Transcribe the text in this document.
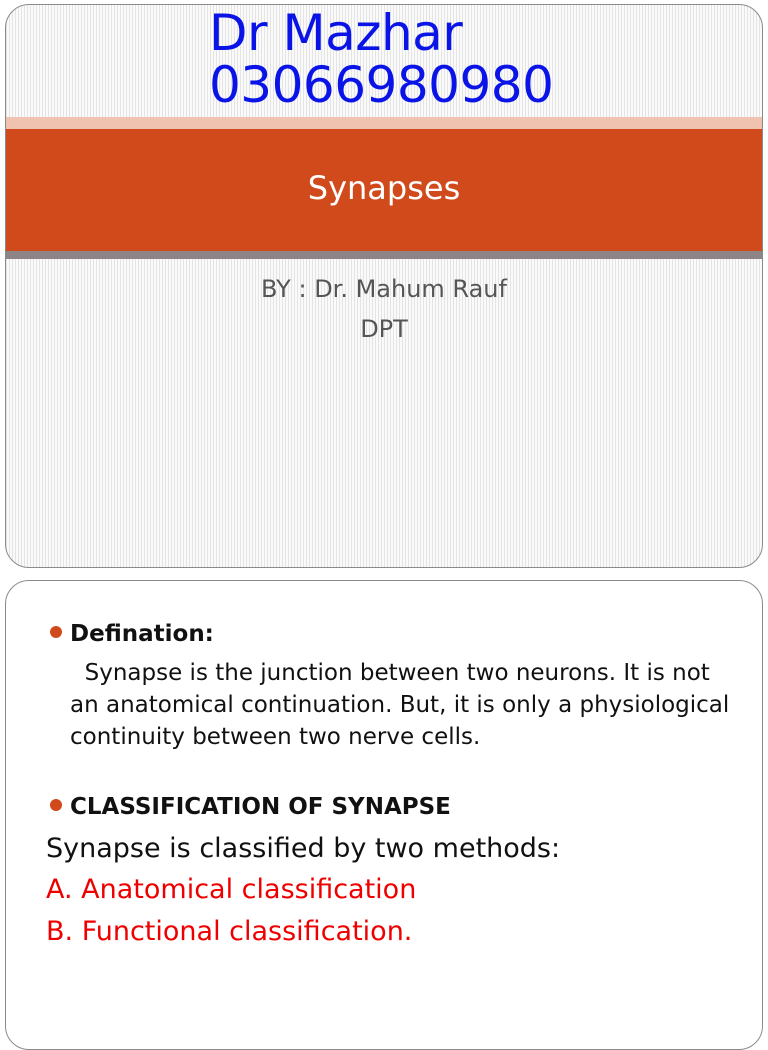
Dr Mazhar
03066980980
Synapses
BY : Dr. Mahum Rauf
DPT
Defination:
Synapse is the junction between two neurons. It is not an anatomical continuation. But, it is only a physiological continuity between two nerve cells.
CLASSIFICATION OF SYNAPSE
Synapse is classified by two methods:
A. Anatomical classification
B. Functional classification.
